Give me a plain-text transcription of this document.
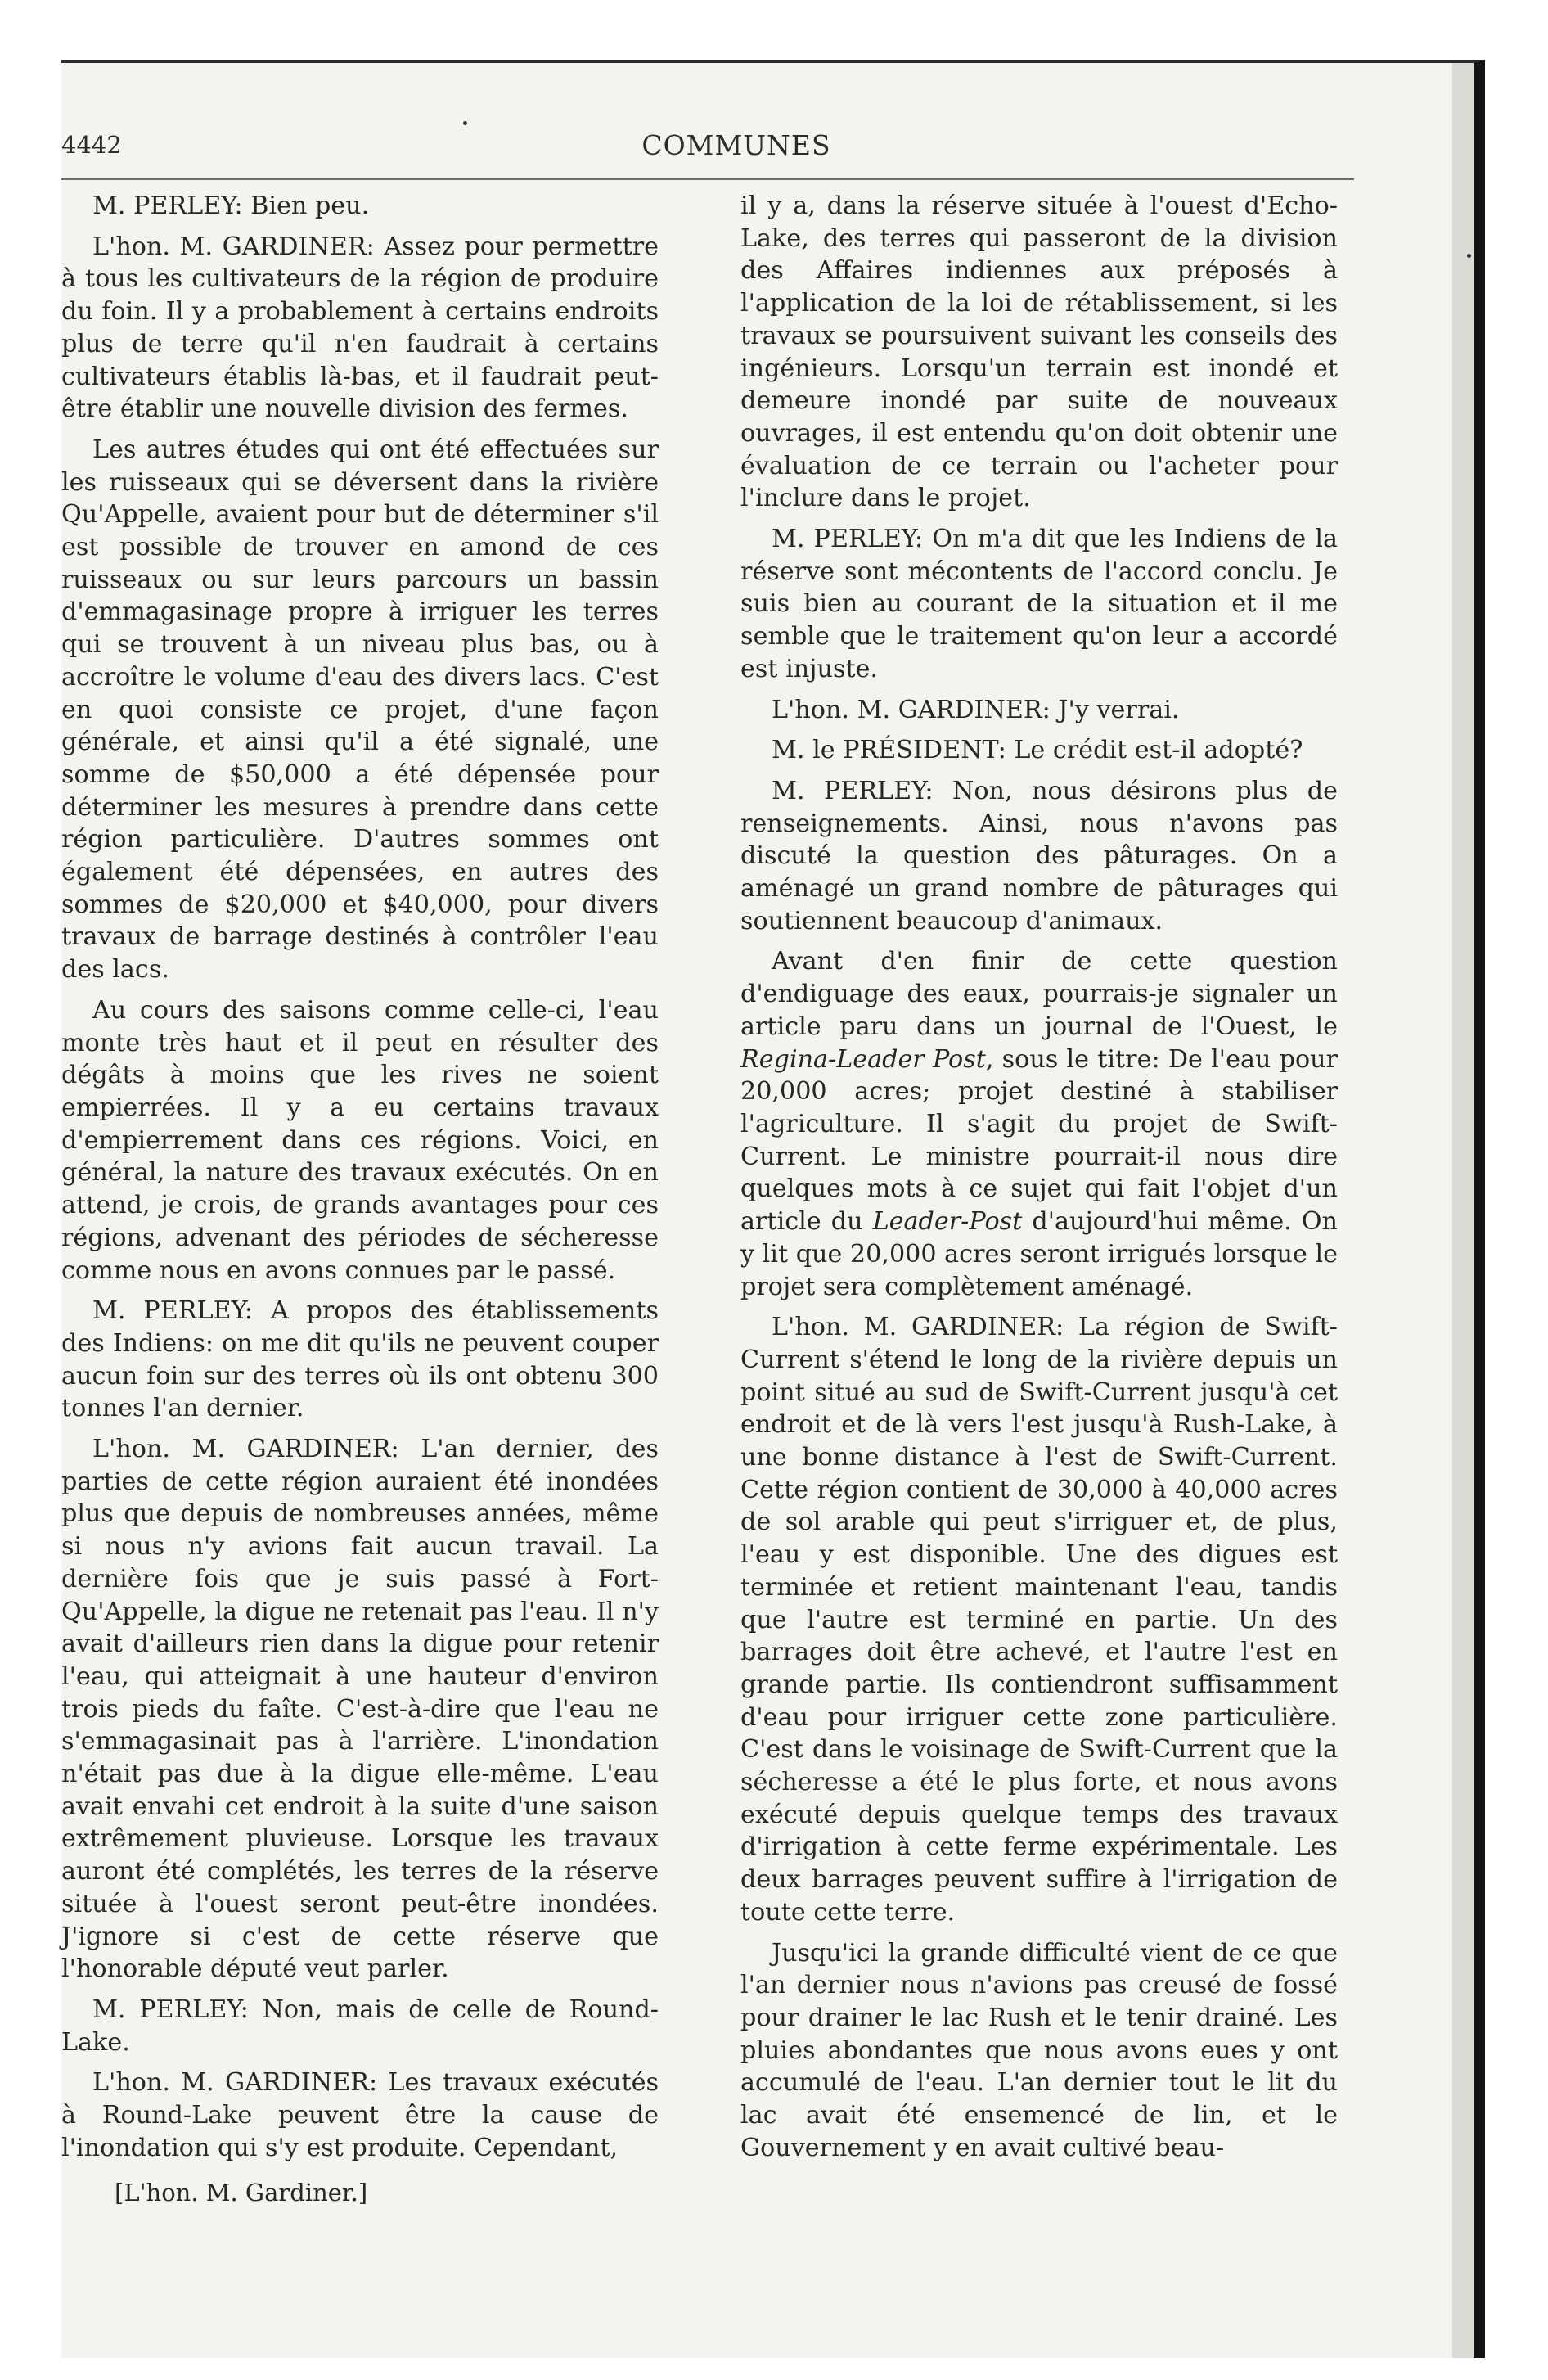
4442	COMMUNES

M. PERLEY: Bien peu.

L'hon. M. GARDINER: Assez pour permettre à tous les cultivateurs de la région de produire du foin. Il y a probablement à certains endroits plus de terre qu'il n'en faudrait à certains cultivateurs établis là-bas, et il faudrait peut-être établir une nouvelle division des fermes.

Les autres études qui ont été effectuées sur les ruisseaux qui se déversent dans la rivière Qu'Appelle, avaient pour but de déterminer s'il est possible de trouver en amond de ces ruisseaux ou sur leurs parcours un bassin d'emmagasinage propre à irriguer les terres qui se trouvent à un niveau plus bas, ou à accroître le volume d'eau des divers lacs. C'est en quoi consiste ce projet, d'une façon générale, et ainsi qu'il a été signalé, une somme de $50,000 a été dépensée pour déterminer les mesures à prendre dans cette région particulière. D'autres sommes ont également été dépensées, en autres des sommes de $20,000 et $40,000, pour divers travaux de barrage destinés à contrôler l'eau des lacs.

Au cours des saisons comme celle-ci, l'eau monte très haut et il peut en résulter des dégâts à moins que les rives ne soient empierrées. Il y a eu certains travaux d'empierrement dans ces régions. Voici, en général, la nature des travaux exécutés. On en attend, je crois, de grands avantages pour ces régions, advenant des périodes de sécheresse comme nous en avons connues par le passé.

M. PERLEY: A propos des établissements des Indiens: on me dit qu'ils ne peuvent couper aucun foin sur des terres où ils ont obtenu 300 tonnes l'an dernier.

L'hon. M. GARDINER: L'an dernier, des parties de cette région auraient été inondées plus que depuis de nombreuses années, même si nous n'y avions fait aucun travail. La dernière fois que je suis passé à Fort-Qu'Appelle, la digue ne retenait pas l'eau. Il n'y avait d'ailleurs rien dans la digue pour retenir l'eau, qui atteignait à une hauteur d'environ trois pieds du faîte. C'est-à-dire que l'eau ne s'emmagasinait pas à l'arrière. L'inondation n'était pas due à la digue elle-même. L'eau avait envahi cet endroit à la suite d'une saison extrêmement pluvieuse. Lorsque les travaux auront été complétés, les terres de la réserve située à l'ouest seront peut-être inondées. J'ignore si c'est de cette réserve que l'honorable député veut parler.

M. PERLEY: Non, mais de celle de Round-Lake.

L'hon. M. GARDINER: Les travaux exécutés à Round-Lake peuvent être la cause de l'inondation qui s'y est produite. Cependant,

[L'hon. M. Gardiner.]

il y a, dans la réserve située à l'ouest d'Echo-Lake, des terres qui passeront de la division des Affaires indiennes aux préposés à l'application de la loi de rétablissement, si les travaux se poursuivent suivant les conseils des ingénieurs. Lorsqu'un terrain est inondé et demeure inondé par suite de nouveaux ouvrages, il est entendu qu'on doit obtenir une évaluation de ce terrain ou l'acheter pour l'inclure dans le projet.

M. PERLEY: On m'a dit que les Indiens de la réserve sont mécontents de l'accord conclu. Je suis bien au courant de la situation et il me semble que le traitement qu'on leur a accordé est injuste.

L'hon. M. GARDINER: J'y verrai.

M. le PRÉSIDENT: Le crédit est-il adopté?

M. PERLEY: Non, nous désirons plus de renseignements. Ainsi, nous n'avons pas discuté la question des pâturages. On a aménagé un grand nombre de pâturages qui soutiennent beaucoup d'animaux.

Avant d'en finir de cette question d'endiguage des eaux, pourrais-je signaler un article paru dans un journal de l'Ouest, le Regina-Leader Post, sous le titre: De l'eau pour 20,000 acres; projet destiné à stabiliser l'agriculture. Il s'agit du projet de Swift-Current. Le ministre pourrait-il nous dire quelques mots à ce sujet qui fait l'objet d'un article du Leader-Post d'aujourd'hui même. On y lit que 20,000 acres seront irrigués lorsque le projet sera complètement aménagé.

L'hon. M. GARDINER: La région de Swift-Current s'étend le long de la rivière depuis un point situé au sud de Swift-Current jusqu'à cet endroit et de là vers l'est jusqu'à Rush-Lake, à une bonne distance à l'est de Swift-Current. Cette région contient de 30,000 à 40,000 acres de sol arable qui peut s'irriguer et, de plus, l'eau y est disponible. Une des digues est terminée et retient maintenant l'eau, tandis que l'autre est terminé en partie. Un des barrages doit être achevé, et l'autre l'est en grande partie. Ils contiendront suffisamment d'eau pour irriguer cette zone particulière. C'est dans le voisinage de Swift-Current que la sécheresse a été le plus forte, et nous avons exécuté depuis quelque temps des travaux d'irrigation à cette ferme expérimentale. Les deux barrages peuvent suffire à l'irrigation de toute cette terre.

Jusqu'ici la grande difficulté vient de ce que l'an dernier nous n'avions pas creusé de fossé pour drainer le lac Rush et le tenir drainé. Les pluies abondantes que nous avons eues y ont accumulé de l'eau. L'an dernier tout le lit du lac avait été ensemencé de lin, et le Gouvernement y en avait cultivé beau-
